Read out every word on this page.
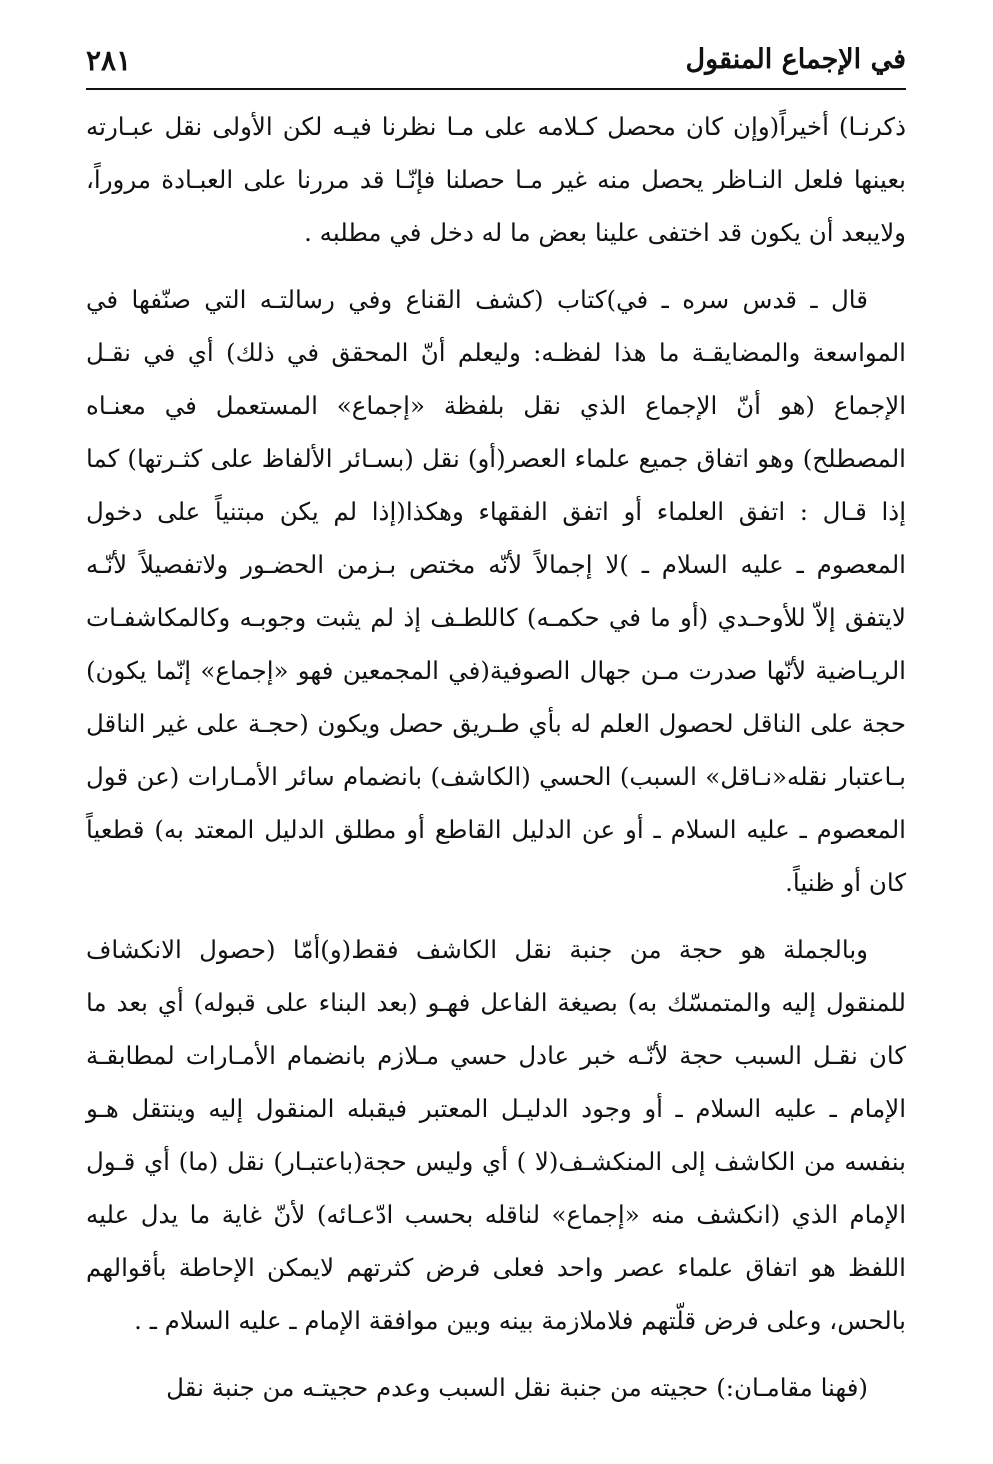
في الإجماع المنقول
٢٨١

ذكرنـا) أخيراً(وإن كان محصل كـلامه على مـا نظرنا فيـه لكن الأولى نقل عبـارته بعينها فلعل النـاظر يحصل منه غير مـا حصلنا فإنّـا قد مررنا على العبـادة مروراً، ولايبعد أن يكون قد اختفى علينا بعض ما له دخل في مطلبه .

قال ـ قدس سره ـ في)كتاب (كشف القناع وفي رسالتـه التي صنّفها في المواسعة والمضايقـة ما هذا لفظـه: وليعلم أنّ المحقق في ذلك) أي في نقـل الإجماع (هو أنّ الإجماع الذي نقل بلفظة «إجماع» المستعمل في معنـاه المصطلح) وهو اتفاق جميع علماء العصر(أو) نقل (بسـائر الألفاظ على كثـرتها) كما إذا قـال : اتفق العلماء أو اتفق الفقهاء وهكذا(إذا لم يكن مبتنياً على دخول المعصوم ـ عليه السلام ـ )لا إجمالاً لأنّه مختص بـزمن الحضـور ولاتفصيلاً لأنّـه لايتفق إلاّ للأوحـدي (أو ما في حكمـه) كاللطـف إذ لم يثبت وجوبـه وكالمكاشفـات الريـاضية لأنّها صدرت مـن جهال الصوفية(في المجمعين فهو «إجماع» إنّما يكون) حجة على الناقل لحصول العلم له بأي طـريق حصل ويكون (حجـة على غير الناقل بـاعتبار نقله«نـاقل» السبب) الحسي (الكاشف) بانضمام سائر الأمـارات (عن قول المعصوم ـ عليه السلام ـ أو عن الدليل القاطع أو مطلق الدليل المعتد به) قطعياً كان أو ظنياً.

وبالجملة هو حجة من جنبة نقل الكاشف فقط(و)أمّا (حصول الانكشاف للمنقول إليه والمتمسّك به) بصيغة الفاعل فهـو (بعد البناء على قبوله) أي بعد ما كان نقـل السبب حجة لأنّـه خبر عادل حسي مـلازم بانضمام الأمـارات لمطابقـة الإمام ـ عليه السلام ـ أو وجود الدليـل المعتبر فيقبله المنقول إليه وينتقل هـو بنفسه من الكاشف إلى المنكشـف(لا ) أي وليس حجة(باعتبـار) نقل (ما) أي قـول الإمام الذي (انكشف منه «إجماع» لناقله بحسب ادّعـائه) لأنّ غاية ما يدل عليه اللفظ هو اتفاق علماء عصر واحد فعلى فرض كثرتهم لايمكن الإحاطة بأقوالهم بالحس، وعلى فرض قلّتهم فلاملازمة بينه وبين موافقة الإمام ـ عليه السلام ـ .

(فهنا مقامـان:) حجيته من جنبة نقل السبب وعدم حجيتـه من جنبة نقل
